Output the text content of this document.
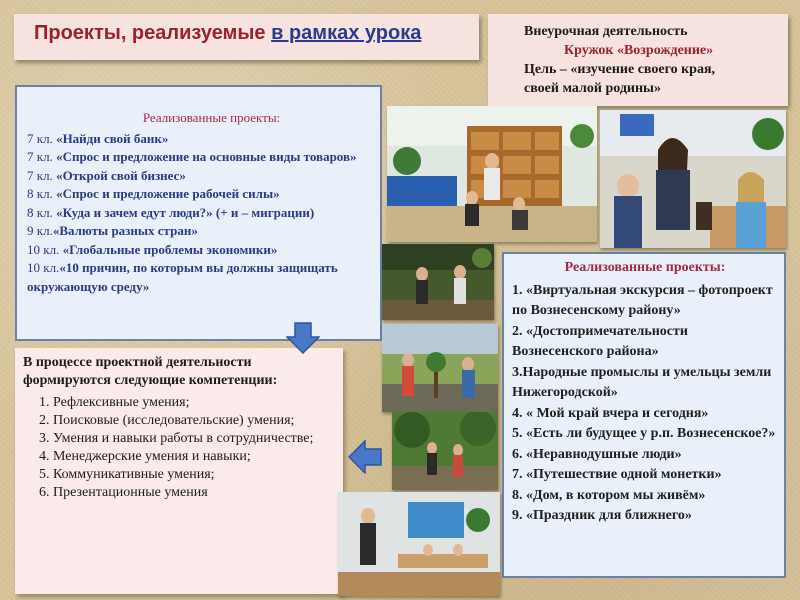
Проекты, реализуемые в рамках урока	Внеурочная деятельность
Кружок «Возрождение»
Цель – «изучение своего края,
своей малой родины»
Реализованные проекты:
7 кл. «Найди свой банк»
7 кл. «Спрос и предложение на основные виды товаров»
7 кл. «Открой свой бизнес»
8 кл. «Спрос и предложение рабочей силы»
8 кл. «Куда и зачем едут люди?» (+ и – миграции)
9 кл.«Валюты разных стран»
10 кл. «Глобальные проблемы экономики»
10 кл.«10 причин, по которым вы должны защищать окружающую среду»
В процессе проектной деятельности формируются следующие компетенции:
1. Рефлексивные умения;
2. Поисковые (исследовательские) умения;
3. Умения и навыки работы в сотрудничестве;
4. Менеджерские умения и навыки;
5. Коммуникативные умения;
6. Презентационные умения
Реализованные проекты:
1. «Виртуальная экскурсия – фотопроект по Вознесенскому району»
2. «Достопримечательности Вознесенского района»
3.Народные промыслы и умельцы земли Нижегородской»
4. « Мой край вчера и сегодня»
5. «Есть ли будущее у р.п. Вознесенское?»
6. «Неравнодушные люди»
7. «Путешествие одной монетки»
8. «Дом, в котором мы живём»
9. «Праздник для ближнего»
